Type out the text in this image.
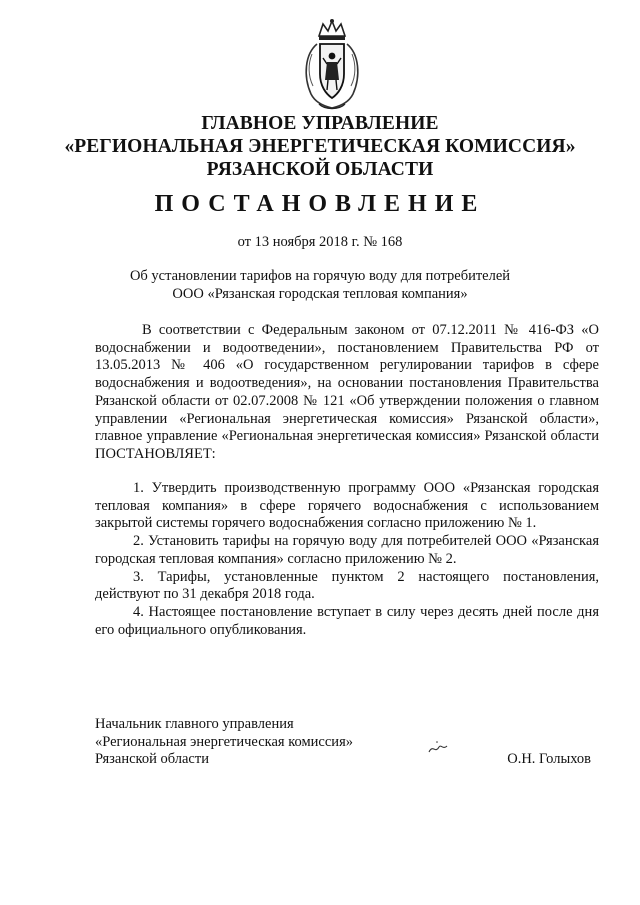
ГЛАВНОЕ УПРАВЛЕНИЕ
«РЕГИОНАЛЬНАЯ ЭНЕРГЕТИЧЕСКАЯ КОМИССИЯ»
РЯЗАНСКОЙ ОБЛАСТИ
ПОСТАНОВЛЕНИЕ
от 13 ноября 2018 г. № 168
Об установлении тарифов на горячую воду для потребителей
ООО «Рязанская городская тепловая компания»

В соответствии с Федеральным законом от 07.12.2011 № 416-ФЗ «О водоснабжении и водоотведении», постановлением Правительства РФ от 13.05.2013 № 406 «О государственном регулировании тарифов в сфере водоснабжения и водоотведения», на основании постановления Правительства Рязанской области от 02.07.2008 № 121 «Об утверждении положения о главном управлении «Региональная энергетическая комиссия» Рязанской области», главное управление «Региональная энергетическая комиссия» Рязанской области ПОСТАНОВЛЯЕТ:

1. Утвердить производственную программу ООО «Рязанская городская тепловая компания» в сфере горячего водоснабжения с использованием закрытой системы горячего водоснабжения согласно приложению № 1.

2. Установить тарифы на горячую воду для потребителей ООО «Рязанская городская тепловая компания» согласно приложению № 2.

3. Тарифы, установленные пунктом 2 настоящего постановления, действуют по 31 декабря 2018 года.

4. Настоящее постановление вступает в силу через десять дней после дня его официального опубликования.

Начальник главного управления
«Региональная энергетическая комиссия»
Рязанской области	О.Н. Голыхов
